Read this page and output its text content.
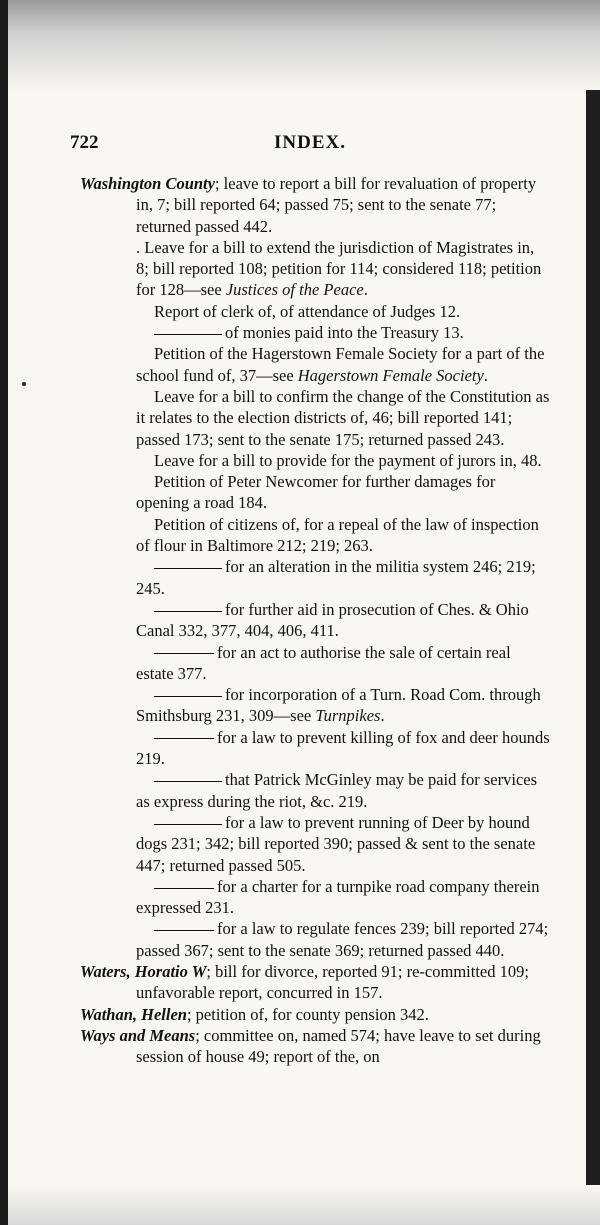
722	INDEX.

Washington County; leave to report a bill for revaluation of property in, 7; bill reported 64; passed 75; sent to the senate 77; returned passed 442.

. Leave for a bill to extend the jurisdiction of Magistrates in, 8; bill reported 108; petition for 114; considered 118; petition for 128—see Justices of the Peace.

Report of clerk of, of attendance of Judges 12.

of monies paid into the Treasury 13.

Petition of the Hagerstown Female Society for a part of the school fund of, 37—see Hagerstown Female Society.

Leave for a bill to confirm the change of the Constitution as it relates to the election districts of, 46; bill reported 141; passed 173; sent to the senate 175; returned passed 243.

Leave for a bill to provide for the payment of jurors in, 48.

Petition of Peter Newcomer for further damages for opening a road 184.

Petition of citizens of, for a repeal of the law of inspection of flour in Baltimore 212; 219; 263.

for an alteration in the militia system 246; 219; 245.

for further aid in prosecution of Ches. & Ohio Canal 332, 377, 404, 406, 411.

for an act to authorise the sale of certain real estate 377.

for incorporation of a Turn. Road Com. through Smithsburg 231, 309—see Turnpikes.

for a law to prevent killing of fox and deer hounds 219.

that Patrick McGinley may be paid for services as express during the riot, &c. 219.

for a law to prevent running of Deer by hound dogs 231; 342; bill reported 390; passed & sent to the senate 447; returned passed 505.

for a charter for a turnpike road company therein expressed 231.

for a law to regulate fences 239; bill reported 274; passed 367; sent to the senate 369; returned passed 440.

Waters, Horatio W; bill for divorce, reported 91; re-committed 109; unfavorable report, concurred in 157.

Wathan, Hellen; petition of, for county pension 342.

Ways and Means; committee on, named 574; have leave to set during session of house 49; report of the, on
